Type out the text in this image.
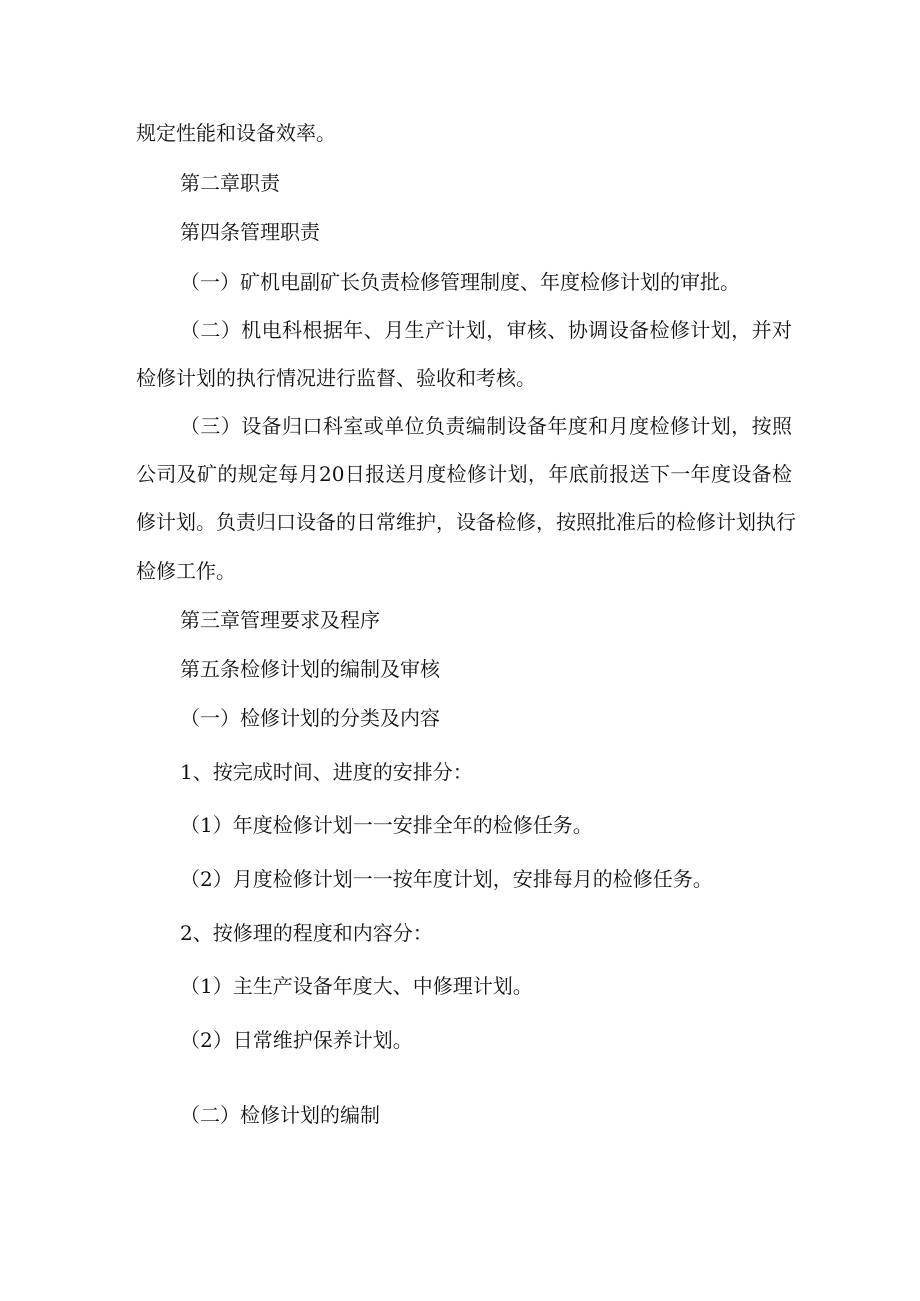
规定性能和设备效率。
第二章职责
第四条管理职责
（一）矿机电副矿长负责检修管理制度、年度检修计划的审批。
（二）机电科根据年、月生产计划，审核、协调设备检修计划，并对
检修计划的执行情况进行监督、验收和考核。
（三）设备归口科室或单位负责编制设备年度和月度检修计划，按照
公司及矿的规定每月20日报送月度检修计划，年底前报送下一年度设备检
修计划。负责归口设备的日常维护，设备检修，按照批准后的检修计划执行
检修工作。
第三章管理要求及程序
第五条检修计划的编制及审核
（一）检修计划的分类及内容
1、按完成时间、进度的安排分：
（1）年度检修计划一一安排全年的检修任务。
（2）月度检修计划一一按年度计划，安排每月的检修任务。
2、按修理的程度和内容分：
（1）主生产设备年度大、中修理计划。
（2）日常维护保养计划。
（二）检修计划的编制
